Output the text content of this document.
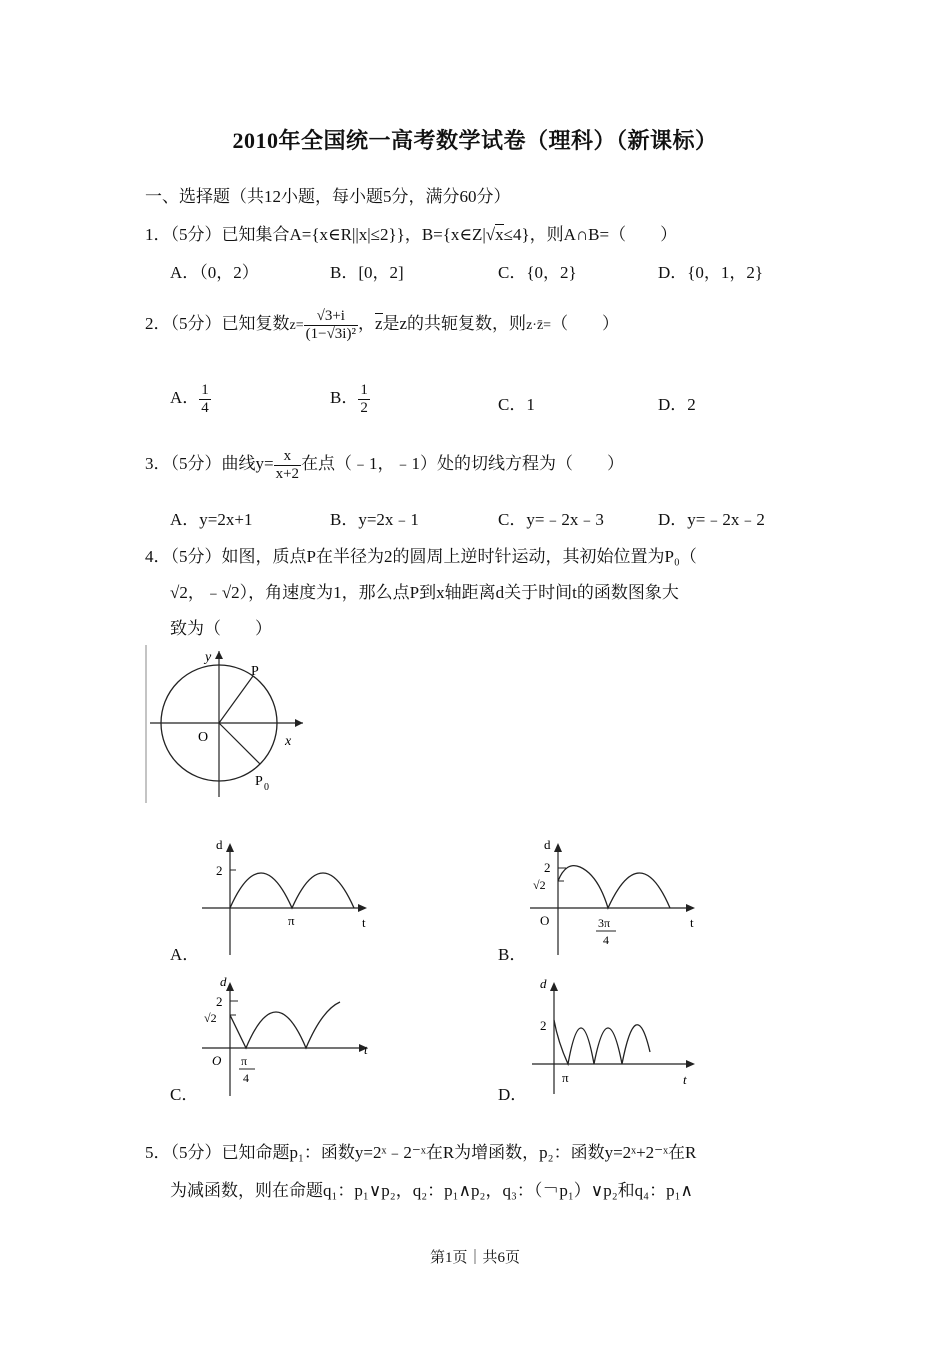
2010年全国统一高考数学试卷（理科）（新课标）
一、选择题（共12小题，每小题5分，满分60分）
1．（5分）已知集合A={x∈R||x|≤2}}，B={x∈Z|√x≤4}，则A∩B=（　　）
A．（0，2）	B．[0，2]	C．{0，2}	D．{0，1，2}
2．（5分）已知复数$z= \frac{√3+i}{\text{(1−√3i)²}}$ ，z是z的共轭复数，则z·z̄=（　　）
A． $\frac{1}{4}$	B． $\frac{1}{2}$	C．1	D．2
3．（5分）曲线$y= \frac{x}{x+2}$ 在点（﹣1，﹣1）处的切线方程为（　　）
A．y=2x+1	B．y=2x﹣1	C．y=﹣2x﹣3	D．y=﹣2x﹣2
4．（5分）如图，质点P在半径为2的圆周上逆时针运动，其初始位置为P₀（
√2，﹣√2），角速度为1，那么点P到x轴距离d关于时间t的函数图象大
致为（　　）
y
x
O
P
P 0
A．
d
2
π	t
B．
d
2
√2
O	3π
4
t
C．
d
2
√2
O π
4
t
D．
d
2
π	t
5．（5分）已知命题p₁：函数y=2ˣ﹣2⁻ˣ在R为增函数，p₂：函数y=2ˣ+2⁻ˣ在R
为减函数，则在命题q₁：p₁∨p₂，q₂：p₁∧p₂，q₃：（￢p₁）∨p₂和q₄：p₁∧
第1页｜共6页
